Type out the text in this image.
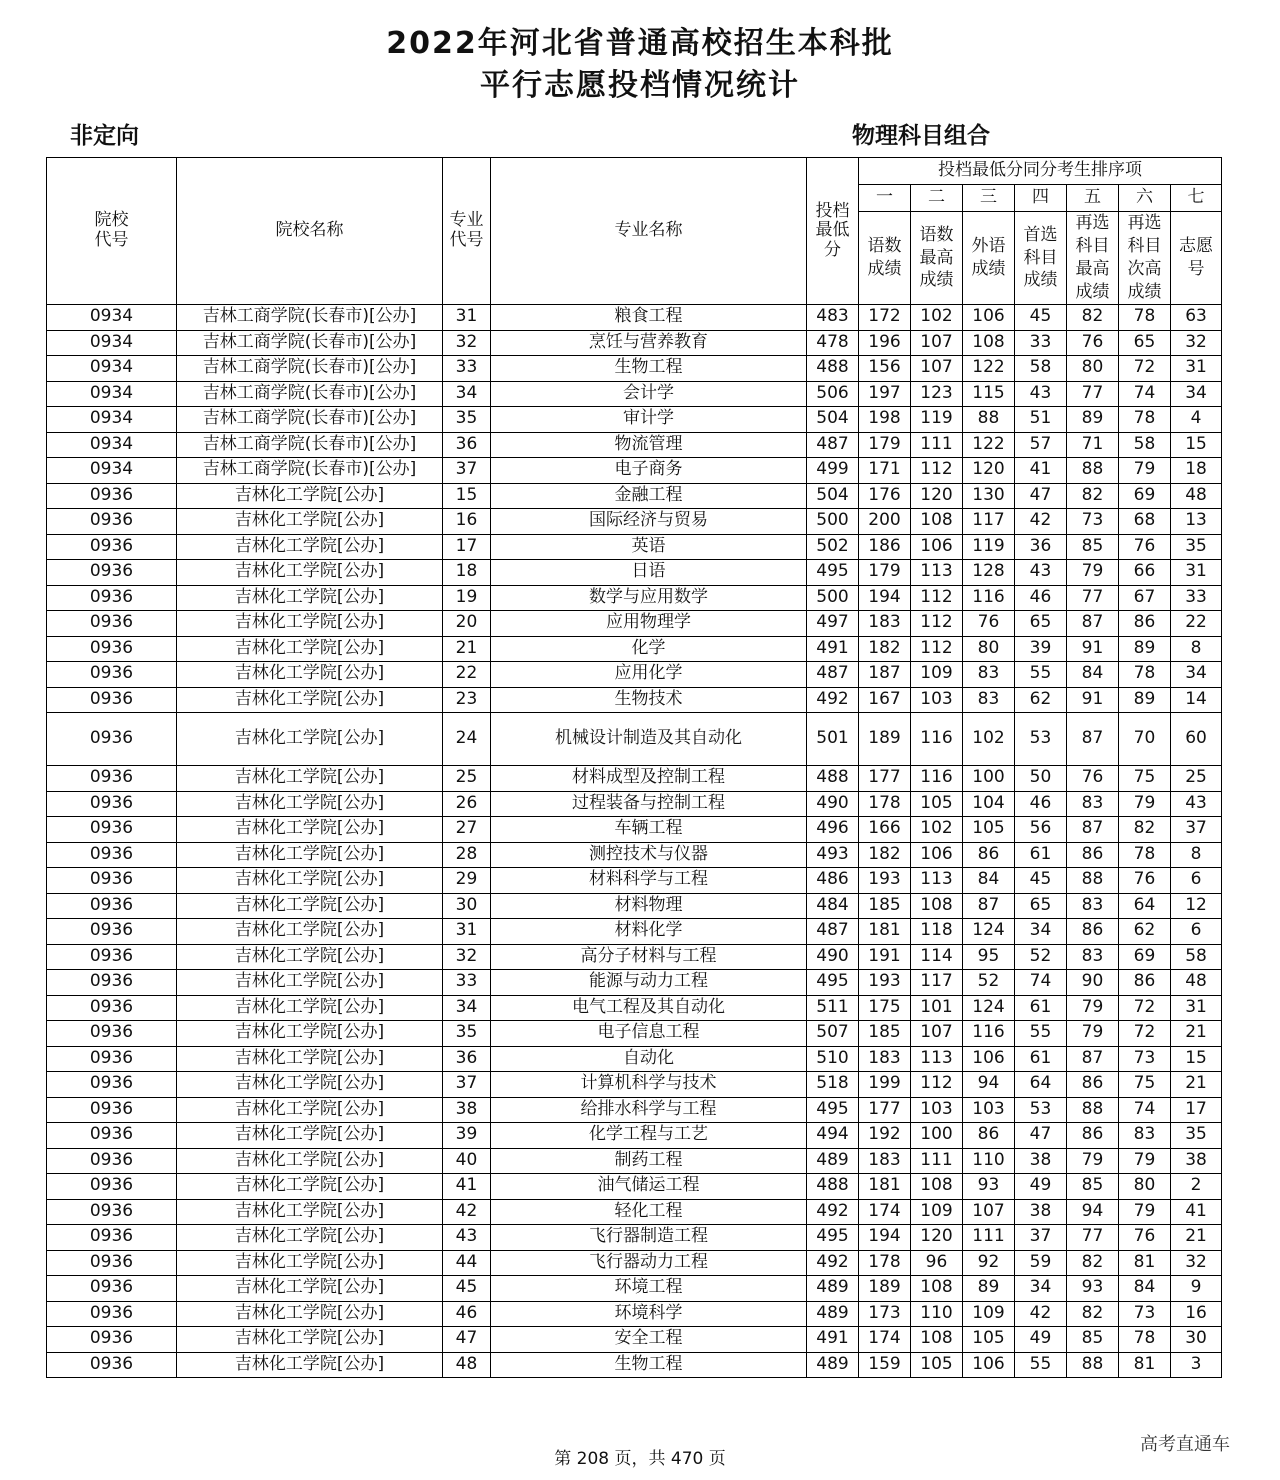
2022年河北省普通高校招生本科批
平行志愿投档情况统计
非定向	物理科目组合
院校代号	院校名称	专业代号	专业名称	投档最低分	投档最低分同分考生排序项						
					一	二	三	四	五	六	七

					语数成绩	语数最高成绩	外语成绩	首选科目成绩	再选科目最高成绩	再选科目次高成绩	志愿号

0934	吉林工商学院(长春市)[公办]	31	粮食工程	483	172	102	106	45	82	78	63
0934	吉林工商学院(长春市)[公办]	32	烹饪与营养教育	478	196	107	108	33	76	65	32
0934	吉林工商学院(长春市)[公办]	33	生物工程	488	156	107	122	58	80	72	31
0934	吉林工商学院(长春市)[公办]	34	会计学	506	197	123	115	43	77	74	34
0934	吉林工商学院(长春市)[公办]	35	审计学	504	198	119	88	51	89	78	4
0934	吉林工商学院(长春市)[公办]	36	物流管理	487	179	111	122	57	71	58	15
0934	吉林工商学院(长春市)[公办]	37	电子商务	499	171	112	120	41	88	79	18
0936	吉林化工学院[公办]	15	金融工程	504	176	120	130	47	82	69	48
0936	吉林化工学院[公办]	16	国际经济与贸易	500	200	108	117	42	73	68	13
0936	吉林化工学院[公办]	17	英语	502	186	106	119	36	85	76	35
0936	吉林化工学院[公办]	18	日语	495	179	113	128	43	79	66	31
0936	吉林化工学院[公办]	19	数学与应用数学	500	194	112	116	46	77	67	33
0936	吉林化工学院[公办]	20	应用物理学	497	183	112	76	65	87	86	22
0936	吉林化工学院[公办]	21	化学	491	182	112	80	39	91	89	8
0936	吉林化工学院[公办]	22	应用化学	487	187	109	83	55	84	78	34
0936	吉林化工学院[公办]	23	生物技术	492	167	103	83	62	91	89	14
0936	吉林化工学院[公办]	24	机械设计制造及其自动化	501	189	116	102	53	87	70	60
0936	吉林化工学院[公办]	25	材料成型及控制工程	488	177	116	100	50	76	75	25
0936	吉林化工学院[公办]	26	过程装备与控制工程	490	178	105	104	46	83	79	43
0936	吉林化工学院[公办]	27	车辆工程	496	166	102	105	56	87	82	37
0936	吉林化工学院[公办]	28	测控技术与仪器	493	182	106	86	61	86	78	8
0936	吉林化工学院[公办]	29	材料科学与工程	486	193	113	84	45	88	76	6
0936	吉林化工学院[公办]	30	材料物理	484	185	108	87	65	83	64	12
0936	吉林化工学院[公办]	31	材料化学	487	181	118	124	34	86	62	6
0936	吉林化工学院[公办]	32	高分子材料与工程	490	191	114	95	52	83	69	58
0936	吉林化工学院[公办]	33	能源与动力工程	495	193	117	52	74	90	86	48
0936	吉林化工学院[公办]	34	电气工程及其自动化	511	175	101	124	61	79	72	31
0936	吉林化工学院[公办]	35	电子信息工程	507	185	107	116	55	79	72	21
0936	吉林化工学院[公办]	36	自动化	510	183	113	106	61	87	73	15
0936	吉林化工学院[公办]	37	计算机科学与技术	518	199	112	94	64	86	75	21
0936	吉林化工学院[公办]	38	给排水科学与工程	495	177	103	103	53	88	74	17
0936	吉林化工学院[公办]	39	化学工程与工艺	494	192	100	86	47	86	83	35
0936	吉林化工学院[公办]	40	制药工程	489	183	111	110	38	79	79	38
0936	吉林化工学院[公办]	41	油气储运工程	488	181	108	93	49	85	80	2
0936	吉林化工学院[公办]	42	轻化工程	492	174	109	107	38	94	79	41
0936	吉林化工学院[公办]	43	飞行器制造工程	495	194	120	111	37	77	76	21
0936	吉林化工学院[公办]	44	飞行器动力工程	492	178	96	92	59	82	81	32
0936	吉林化工学院[公办]	45	环境工程	489	189	108	89	34	93	84	9
0936	吉林化工学院[公办]	46	环境科学	489	173	110	109	42	82	73	16
0936	吉林化工学院[公办]	47	安全工程	491	174	108	105	49	85	78	30
0936	吉林化工学院[公办]	48	生物工程	489	159	105	106	55	88	81	3
第 208 页，共 470 页
高考直通车
